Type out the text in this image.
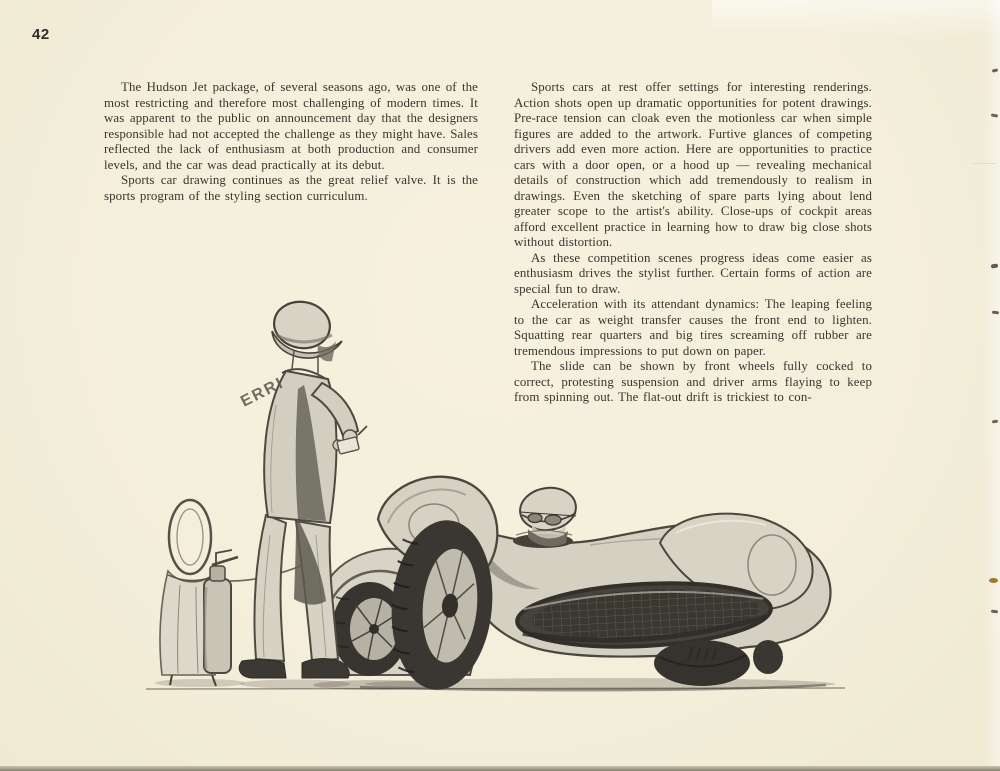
42

The Hudson Jet package, of several seasons ago, was one of the most restricting and therefore most challenging of modern times. It was apparent to the public on announcement day that the designers responsible had not accepted the challenge as they might have. Sales reflected the lack of enthusiasm at both production and consumer levels, and the car was dead practically at its debut.

Sports car drawing continues as the great relief valve. It is the sports program of the styling section curriculum.

Sports cars at rest offer settings for interesting renderings. Action shots open up dramatic opportunities for potent drawings. Pre-race tension can cloak even the motionless car when simple figures are added to the artwork. Furtive glances of competing drivers add even more action. Here are opportunities to practice cars with a door open, or a hood up — revealing mechanical details of construction which add tremendously to realism in drawings. Even the sketching of spare parts lying about lend greater scope to the artist's ability. Close-ups of cockpit areas afford excellent practice in learning how to draw big close shots without distortion.

As these competition scenes progress ideas come easier as enthusiasm drives the stylist further. Certain forms of action are special fun to draw.

Acceleration with its attendant dynamics: The leaping feeling to the car as weight transfer causes the front end to lighten. Squatting rear quarters and big tires screaming off rubber are tremendous impressions to put down on paper.

The slide can be shown by front wheels fully cocked to correct, protesting suspension and driver arms flaying to keep from spinning out. The flat-out drift is trickiest to con-

ERRI
